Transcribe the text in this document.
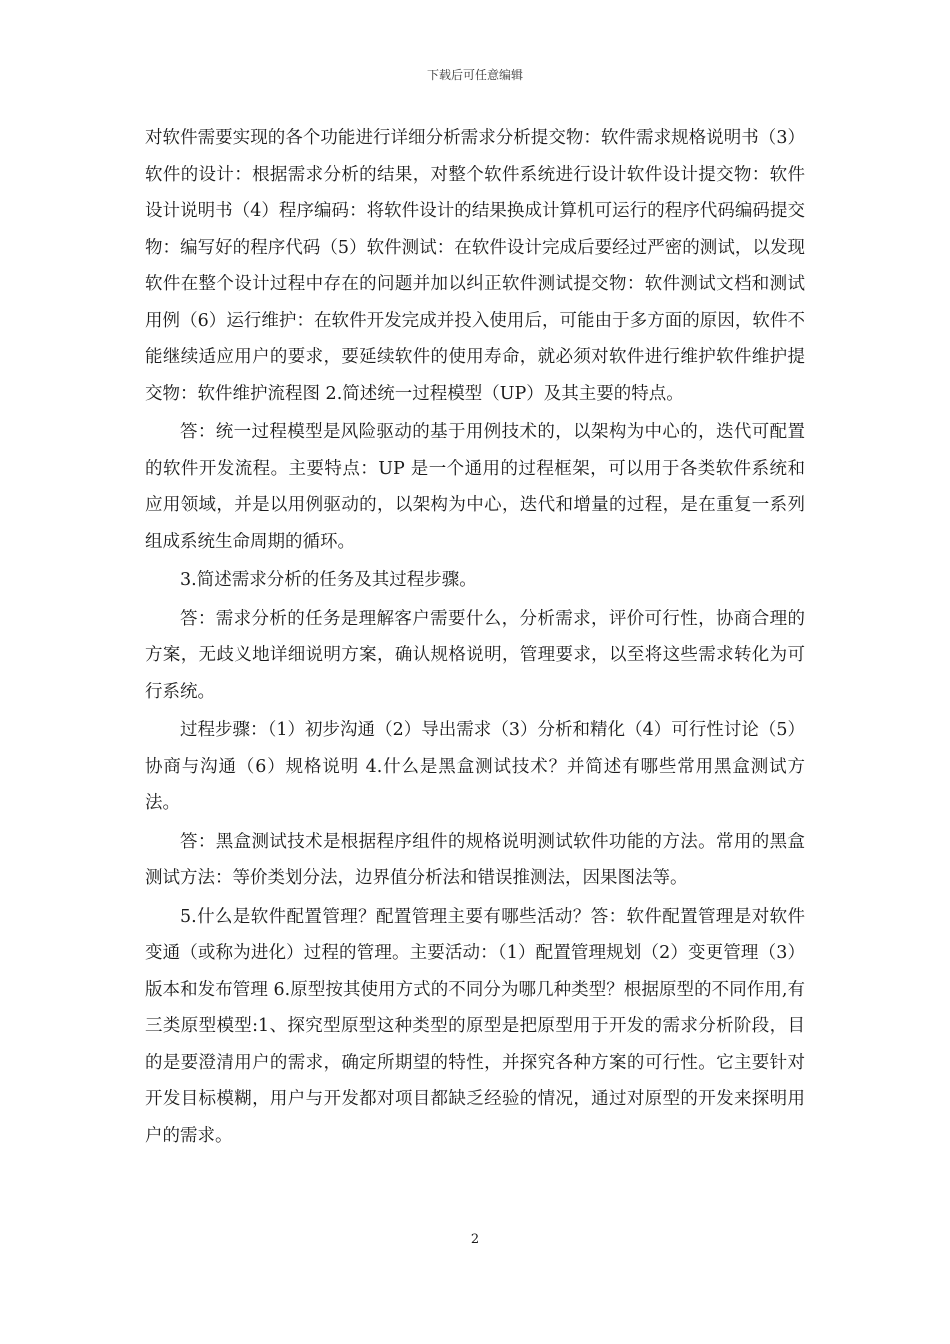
下载后可任意编辑

对软件需要实现的各个功能进行详细分析需求分析提交物：软件需求规格说明书（3）软件的设计：根据需求分析的结果，对整个软件系统进行设计软件设计提交物：软件设计说明书（4）程序编码：将软件设计的结果换成计算机可运行的程序代码编码提交物：编写好的程序代码（5）软件测试：在软件设计完成后要经过严密的测试，以发现软件在整个设计过程中存在的问题并加以纠正软件测试提交物：软件测试文档和测试用例（6）运行维护：在软件开发完成并投入使用后，可能由于多方面的原因，软件不能继续适应用户的要求，要延续软件的使用寿命，就必须对软件进行维护软件维护提交物：软件维护流程图 2.简述统一过程模型（UP）及其主要的特点。

答：统一过程模型是风险驱动的基于用例技术的，以架构为中心的，迭代可配置的软件开发流程。主要特点：UP 是一个通用的过程框架，可以用于各类软件系统和应用领域，并是以用例驱动的，以架构为中心，迭代和增量的过程，是在重复一系列组成系统生命周期的循环。

3.简述需求分析的任务及其过程步骤。

答：需求分析的任务是理解客户需要什么，分析需求，评价可行性，协商合理的方案，无歧义地详细说明方案，确认规格说明，管理要求，以至将这些需求转化为可行系统。

过程步骤：（1）初步沟通（2）导出需求（3）分析和精化（4）可行性讨论（5）协商与沟通（6）规格说明 4.什么是黑盒测试技术？并简述有哪些常用黑盒测试方法。

答：黑盒测试技术是根据程序组件的规格说明测试软件功能的方法。常用的黑盒测试方法：等价类划分法，边界值分析法和错误推测法，因果图法等。

5.什么是软件配置管理？配置管理主要有哪些活动？答：软件配置管理是对软件变通（或称为进化）过程的管理。主要活动：（1）配置管理规划（2）变更管理（3）版本和发布管理 6.原型按其使用方式的不同分为哪几种类型？根据原型的不同作用,有三类原型模型:1、探究型原型这种类型的原型是把原型用于开发的需求分析阶段，目的是要澄清用户的需求，确定所期望的特性，并探究各种方案的可行性。它主要针对开发目标模糊，用户与开发都对项目都缺乏经验的情况，通过对原型的开发来探明用户的需求。

2
